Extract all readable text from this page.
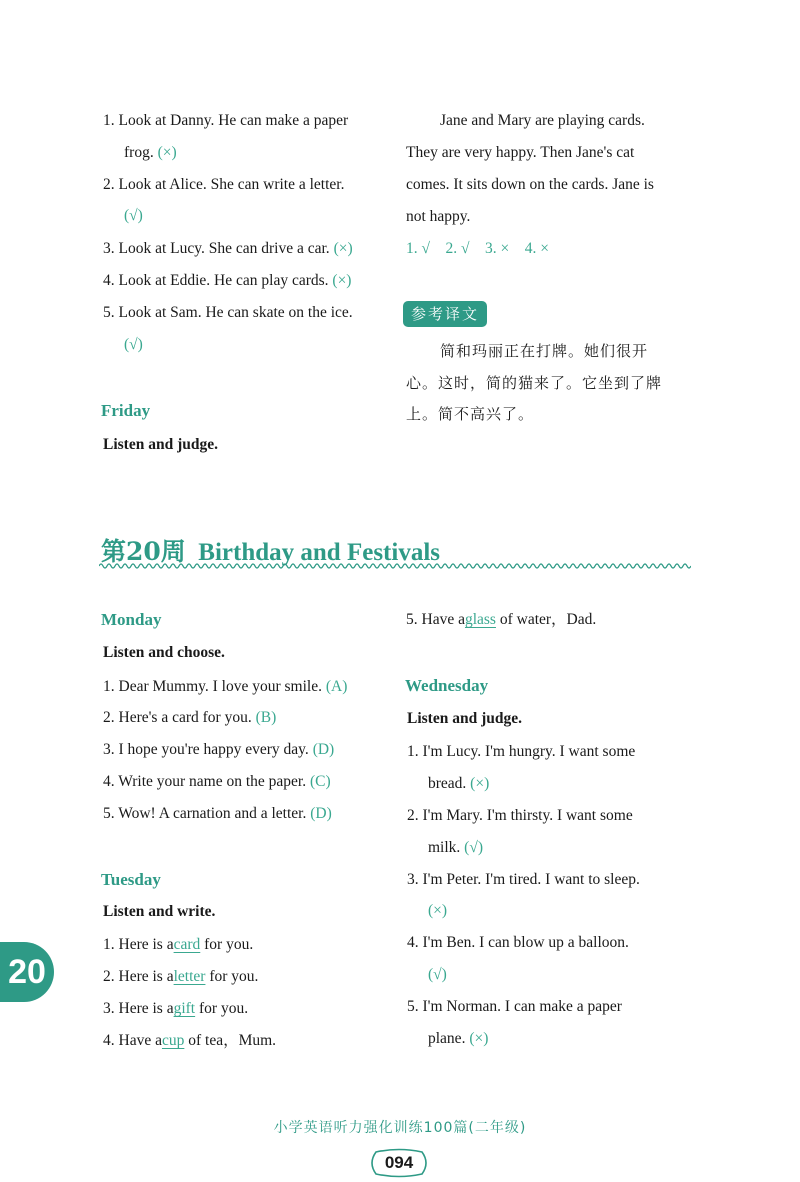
1. Look at Danny. He can make a paper
frog. (×)
2. Look at Alice. She can write a letter.
(√)
3. Look at Lucy. She can drive a car. (×)
4. Look at Eddie. He can play cards. (×)
5. Look at Sam. He can skate on the ice.
(√)
Friday
Listen and judge.
Jane and Mary are playing cards.
They are very happy. Then Jane's cat
comes. It sits down on the cards. Jane is
not happy.
1. √ 2. √ 3. × 4. ×
参考译文
简和玛丽正在打牌。她们很开
心。这时，简的猫来了。它坐到了牌
上。简不高兴了。
第20周 Birthday and Festivals
Monday
Listen and choose.
1. Dear Mummy. I love your smile. (A)
2. Here's a card for you. (B)
3. I hope you're happy every day. (D)
4. Write your name on the paper. (C)
5. Wow! A carnation and a letter. (D)
Tuesday
Listen and write.
1. Here is acard for you.
2. Here is aletter for you.
3. Here is agift for you.
4. Have acup of tea，Mum.
5. Have aglass of water，Dad.
Wednesday
Listen and judge.
1. I'm Lucy. I'm hungry. I want some
bread. (×)
2. I'm Mary. I'm thirsty. I want some
milk. (√)
3. I'm Peter. I'm tired. I want to sleep.
(×)
4. I'm Ben. I can blow up a balloon.
(√)
5. I'm Norman. I can make a paper
plane. (×)
20
小学英语听力强化训练100篇(二年级)
094
